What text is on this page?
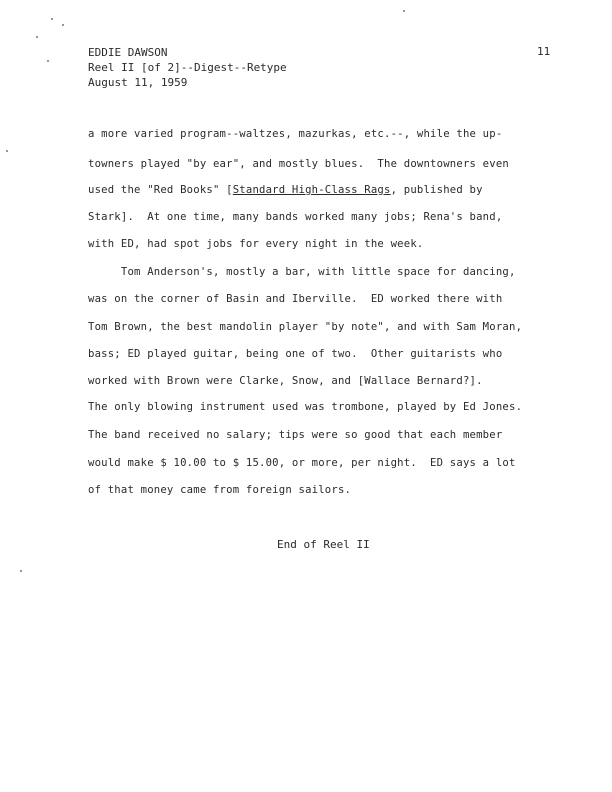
EDDIE DAWSON
Reel II [of 2]--Digest--Retype
August 11, 1959
11
a more varied program--waltzes, mazurkas, etc.--, while the up-
towners played "by ear", and mostly blues.  The downtowners even
used the "Red Books" [Standard High-Class Rags, published by
Stark].  At one time, many bands worked many jobs; Rena's band,
with ED, had spot jobs for every night in the week.
Tom Anderson's, mostly a bar, with little space for dancing,
was on the corner of Basin and Iberville.  ED worked there with
Tom Brown, the best mandolin player "by note", and with Sam Moran,
bass; ED played guitar, being one of two.  Other guitarists who
worked with Brown were Clarke, Snow, and [Wallace Bernard?].
The only blowing instrument used was trombone, played by Ed Jones.
The band received no salary; tips were so good that each member
would make $ 10.00 to $ 15.00, or more, per night.  ED says a lot
of that money came from foreign sailors.
End of Reel II
